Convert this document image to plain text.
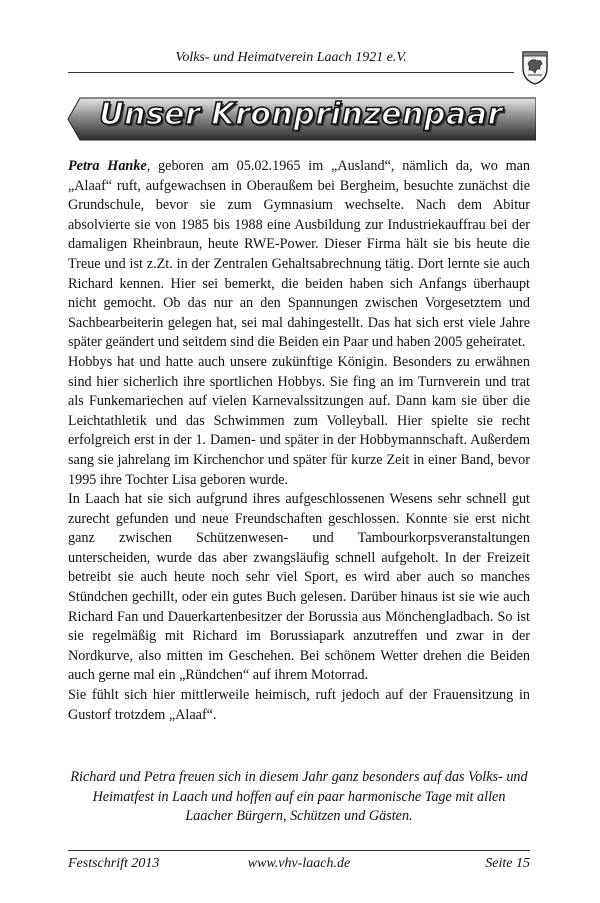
Volks- und Heimatverein Laach 1921 e.V.
Unser Kronprinzenpaar

Petra Hanke, geboren am 05.02.1965 im „Ausland“, nämlich da, wo man „Alaaf“ ruft, aufgewachsen in Oberaußem bei Bergheim, besuchte zunächst die Grundschule, bevor sie zum Gymnasium wechselte. Nach dem Abitur absolvierte sie von 1985 bis 1988 eine Ausbildung zur Industriekauffrau bei der damaligen Rheinbraun, heute RWE-Power. Dieser Firma hält sie bis heute die Treue und ist z.Zt. in der Zentralen Gehaltsabrechnung tätig. Dort lernte sie auch Richard kennen. Hier sei bemerkt, die beiden haben sich Anfangs überhaupt nicht gemocht. Ob das nur an den Spannungen zwischen Vorgesetztem und Sachbearbeiterin gelegen hat, sei mal dahingestellt. Das hat sich erst viele Jahre später geändert und seitdem sind die Beiden ein Paar und haben 2005 geheiratet.

Hobbys hat und hatte auch unsere zukünftige Königin. Besonders zu erwähnen sind hier sicherlich ihre sportlichen Hobbys. Sie fing an im Turnverein und trat als Funkemariechen auf vielen Karnevalssitzungen auf. Dann kam sie über die Leichtathletik und das Schwimmen zum Volleyball. Hier spielte sie recht erfolgreich erst in der 1. Damen- und später in der Hobbymannschaft. Außerdem sang sie jahrelang im Kirchenchor und später für kurze Zeit in einer Band, bevor 1995 ihre Tochter Lisa geboren wurde.

In Laach hat sie sich aufgrund ihres aufgeschlossenen Wesens sehr schnell gut zurecht gefunden und neue Freundschaften geschlossen. Konnte sie erst nicht ganz zwischen Schützenwesen- und Tambourkorpsveranstaltungen unterscheiden, wurde das aber zwangsläufig schnell aufgeholt. In der Freizeit betreibt sie auch heute noch sehr viel Sport, es wird aber auch so manches Stündchen gechillt, oder ein gutes Buch gelesen. Darüber hinaus ist sie wie auch Richard Fan und Dauerkartenbesitzer der Borussia aus Mönchengladbach. So ist sie regelmäßig mit Richard im Borussiapark anzutreffen und zwar in der Nordkurve, also mitten im Geschehen. Bei schönem Wetter drehen die Beiden auch gerne mal ein „Ründchen“ auf ihrem Motorrad.

Sie fühlt sich hier mittlerweile heimisch, ruft jedoch auf der Frauensitzung in Gustorf trotzdem „Alaaf“.

Richard und Petra freuen sich in diesem Jahr ganz besonders auf das Volks- und Heimatfest in Laach und hoffen auf ein paar harmonische Tage mit allen Laacher Bürgern, Schützen und Gästen.

Festschrift 2013	www.vhv-laach.de	Seite 15
